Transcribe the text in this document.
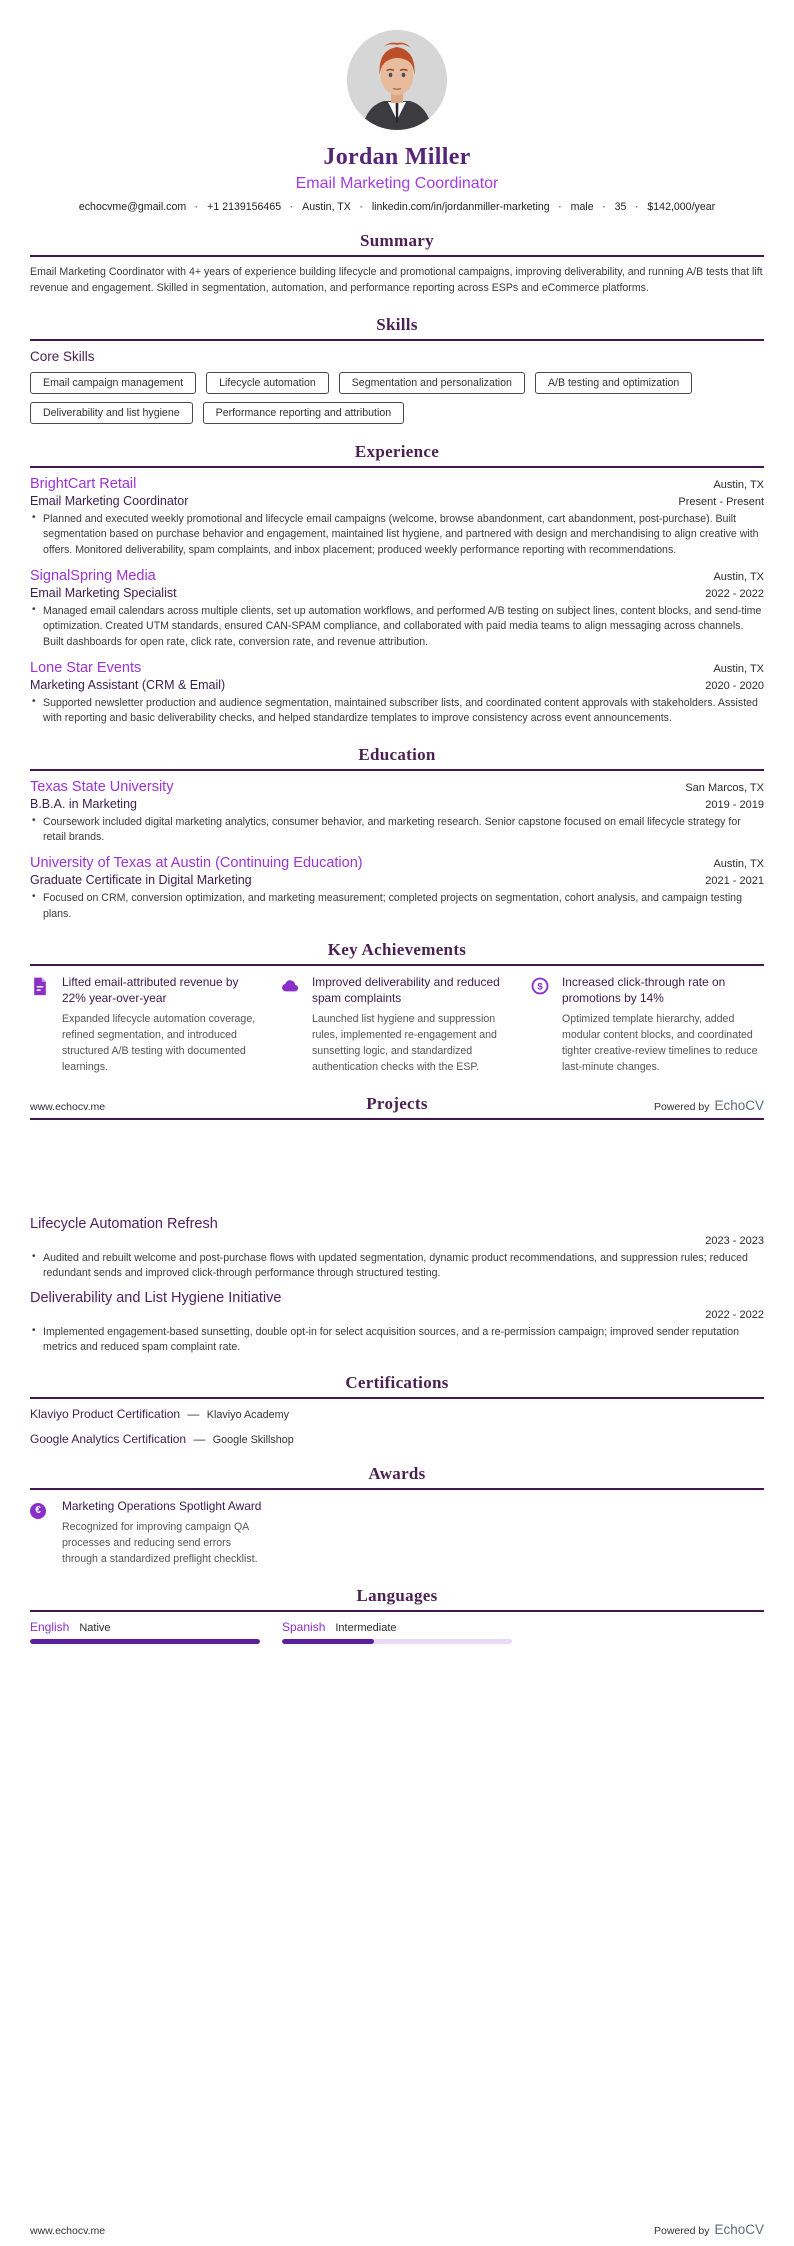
Jordan Miller
Email Marketing Coordinator
echocvme@gmail.com · +1 2139156465 · Austin, TX · linkedin.com/in/jordanmiller-marketing · male · 35 · $142,000/year
Summary
Email Marketing Coordinator with 4+ years of experience building lifecycle and promotional campaigns, improving deliverability, and running A/B tests that lift revenue and engagement. Skilled in segmentation, automation, and performance reporting across ESPs and eCommerce platforms.
Skills
Core Skills
Email campaign management	Lifecycle automation	Segmentation and personalization	A/B testing and optimization
Deliverability and list hygiene	Performance reporting and attribution
Experience
BrightCart Retail	Austin, TX
Email Marketing Coordinator	Present - Present
• Planned and executed weekly promotional and lifecycle email campaigns (welcome, browse abandonment, cart abandonment, post-purchase). Built segmentation based on purchase behavior and engagement, maintained list hygiene, and partnered with design and merchandising to align creative with offers. Monitored deliverability, spam complaints, and inbox placement; produced weekly performance reporting with recommendations.
SignalSpring Media	Austin, TX
Email Marketing Specialist	2022 - 2022
• Managed email calendars across multiple clients, set up automation workflows, and performed A/B testing on subject lines, content blocks, and send-time optimization. Created UTM standards, ensured CAN-SPAM compliance, and collaborated with paid media teams to align messaging across channels. Built dashboards for open rate, click rate, conversion rate, and revenue attribution.
Lone Star Events	Austin, TX
Marketing Assistant (CRM & Email)	2020 - 2020
• Supported newsletter production and audience segmentation, maintained subscriber lists, and coordinated content approvals with stakeholders. Assisted with reporting and basic deliverability checks, and helped standardize templates to improve consistency across event announcements.
Education
Texas State University	San Marcos, TX
B.B.A. in Marketing	2019 - 2019
• Coursework included digital marketing analytics, consumer behavior, and marketing research. Senior capstone focused on email lifecycle strategy for retail brands.
University of Texas at Austin (Continuing Education)	Austin, TX
Graduate Certificate in Digital Marketing	2021 - 2021
• Focused on CRM, conversion optimization, and marketing measurement; completed projects on segmentation, cohort analysis, and campaign testing plans.
Key Achievements
Lifted email-attributed revenue by 22% year-over-year
Expanded lifecycle automation coverage, refined segmentation, and introduced structured A/B testing with documented learnings.
Improved deliverability and reduced spam complaints
Launched list hygiene and suppression rules, implemented re-engagement and sunsetting logic, and standardized authentication checks with the ESP.
$ Increased click-through rate on promotions by 14%
Optimized template hierarchy, added modular content blocks, and coordinated tighter creative-review timelines to reduce last-minute changes.
Projects
Lifecycle Automation Refresh
2023 - 2023
• Audited and rebuilt welcome and post-purchase flows with updated segmentation, dynamic product recommendations, and suppression rules; reduced redundant sends and improved click-through performance through structured testing.
Deliverability and List Hygiene Initiative
2022 - 2022
• Implemented engagement-based sunsetting, double opt-in for select acquisition sources, and a re-permission campaign; improved sender reputation metrics and reduced spam complaint rate.
Certifications
Klaviyo Product Certification — Klaviyo Academy
Google Analytics Certification — Google Skillshop
Awards
€	Marketing Operations Spotlight Award
Recognized for improving campaign QA processes and reducing send errors through a standardized preflight checklist.
Languages
English Native	Spanish Intermediate
www.echocv.me	Powered by EchoCV
www.echocv.me	Powered by EchoCV
